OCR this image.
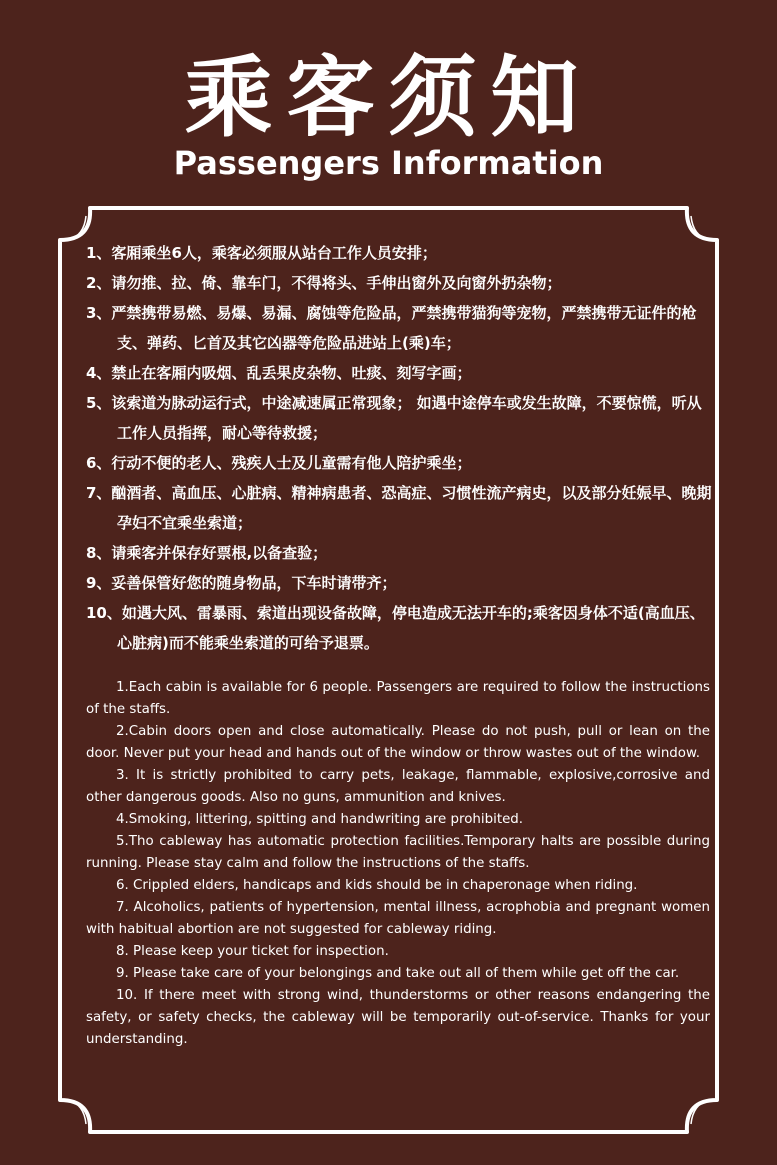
乘客须知
Passengers Information
1、客厢乘坐6人，乘客必须服从站台工作人员安排；
2、请勿推、拉、倚、靠车门，不得将头、手伸出窗外及向窗外扔杂物；
3、严禁携带易燃、易爆、易漏、腐蚀等危险品，严禁携带猫狗等宠物，严禁携带无证件的枪支、弹药、匕首及其它凶器等危险品进站上(乘)车；
4、禁止在客厢内吸烟、乱丢果皮杂物、吐痰、刻写字画；
5、该索道为脉动运行式，中途减速属正常现象； 如遇中途停车或发生故障，不要惊慌，听从工作人员指挥，耐心等待救援；
6、行动不便的老人、残疾人士及儿童需有他人陪护乘坐；
7、酗酒者、高血压、心脏病、精神病患者、恐高症、习惯性流产病史，以及部分妊娠早、晚期孕妇不宜乘坐索道；
8、请乘客并保存好票根,以备查验；
9、妥善保管好您的随身物品，下车时请带齐；
10、如遇大风、雷暴雨、索道出现设备故障，停电造成无法开车的;乘客因身体不适(高血压、心脏病)而不能乘坐索道的可给予退票。
1.Each cabin is available for 6 people. Passengers are required to follow the instructions of the staffs.
2.Cabin doors open and close automatically. Please do not push, pull or lean on the door. Never put your head and hands out of the window or throw wastes out of the window.
3. It is strictly prohibited to carry pets, leakage, flammable, explosive,corrosive and other dangerous goods. Also no guns, ammunition and knives.
4.Smoking, littering, spitting and handwriting are prohibited.
5.Tho cableway has automatic protection facilities.Temporary halts are possible during running. Please stay calm and follow the instructions of the staffs.
6. Crippled elders, handicaps and kids should be in chaperonage when riding.
7. Alcoholics, patients of hypertension, mental illness, acrophobia and pregnant women with habitual abortion are not suggested for cableway riding.
8. Please keep your ticket for inspection.
9. Please take care of your belongings and take out all of them while get off the car.
10. If there meet with strong wind, thunderstorms or other reasons endangering the safety, or safety checks, the cableway will be temporarily out-of-service. Thanks for your understanding.
